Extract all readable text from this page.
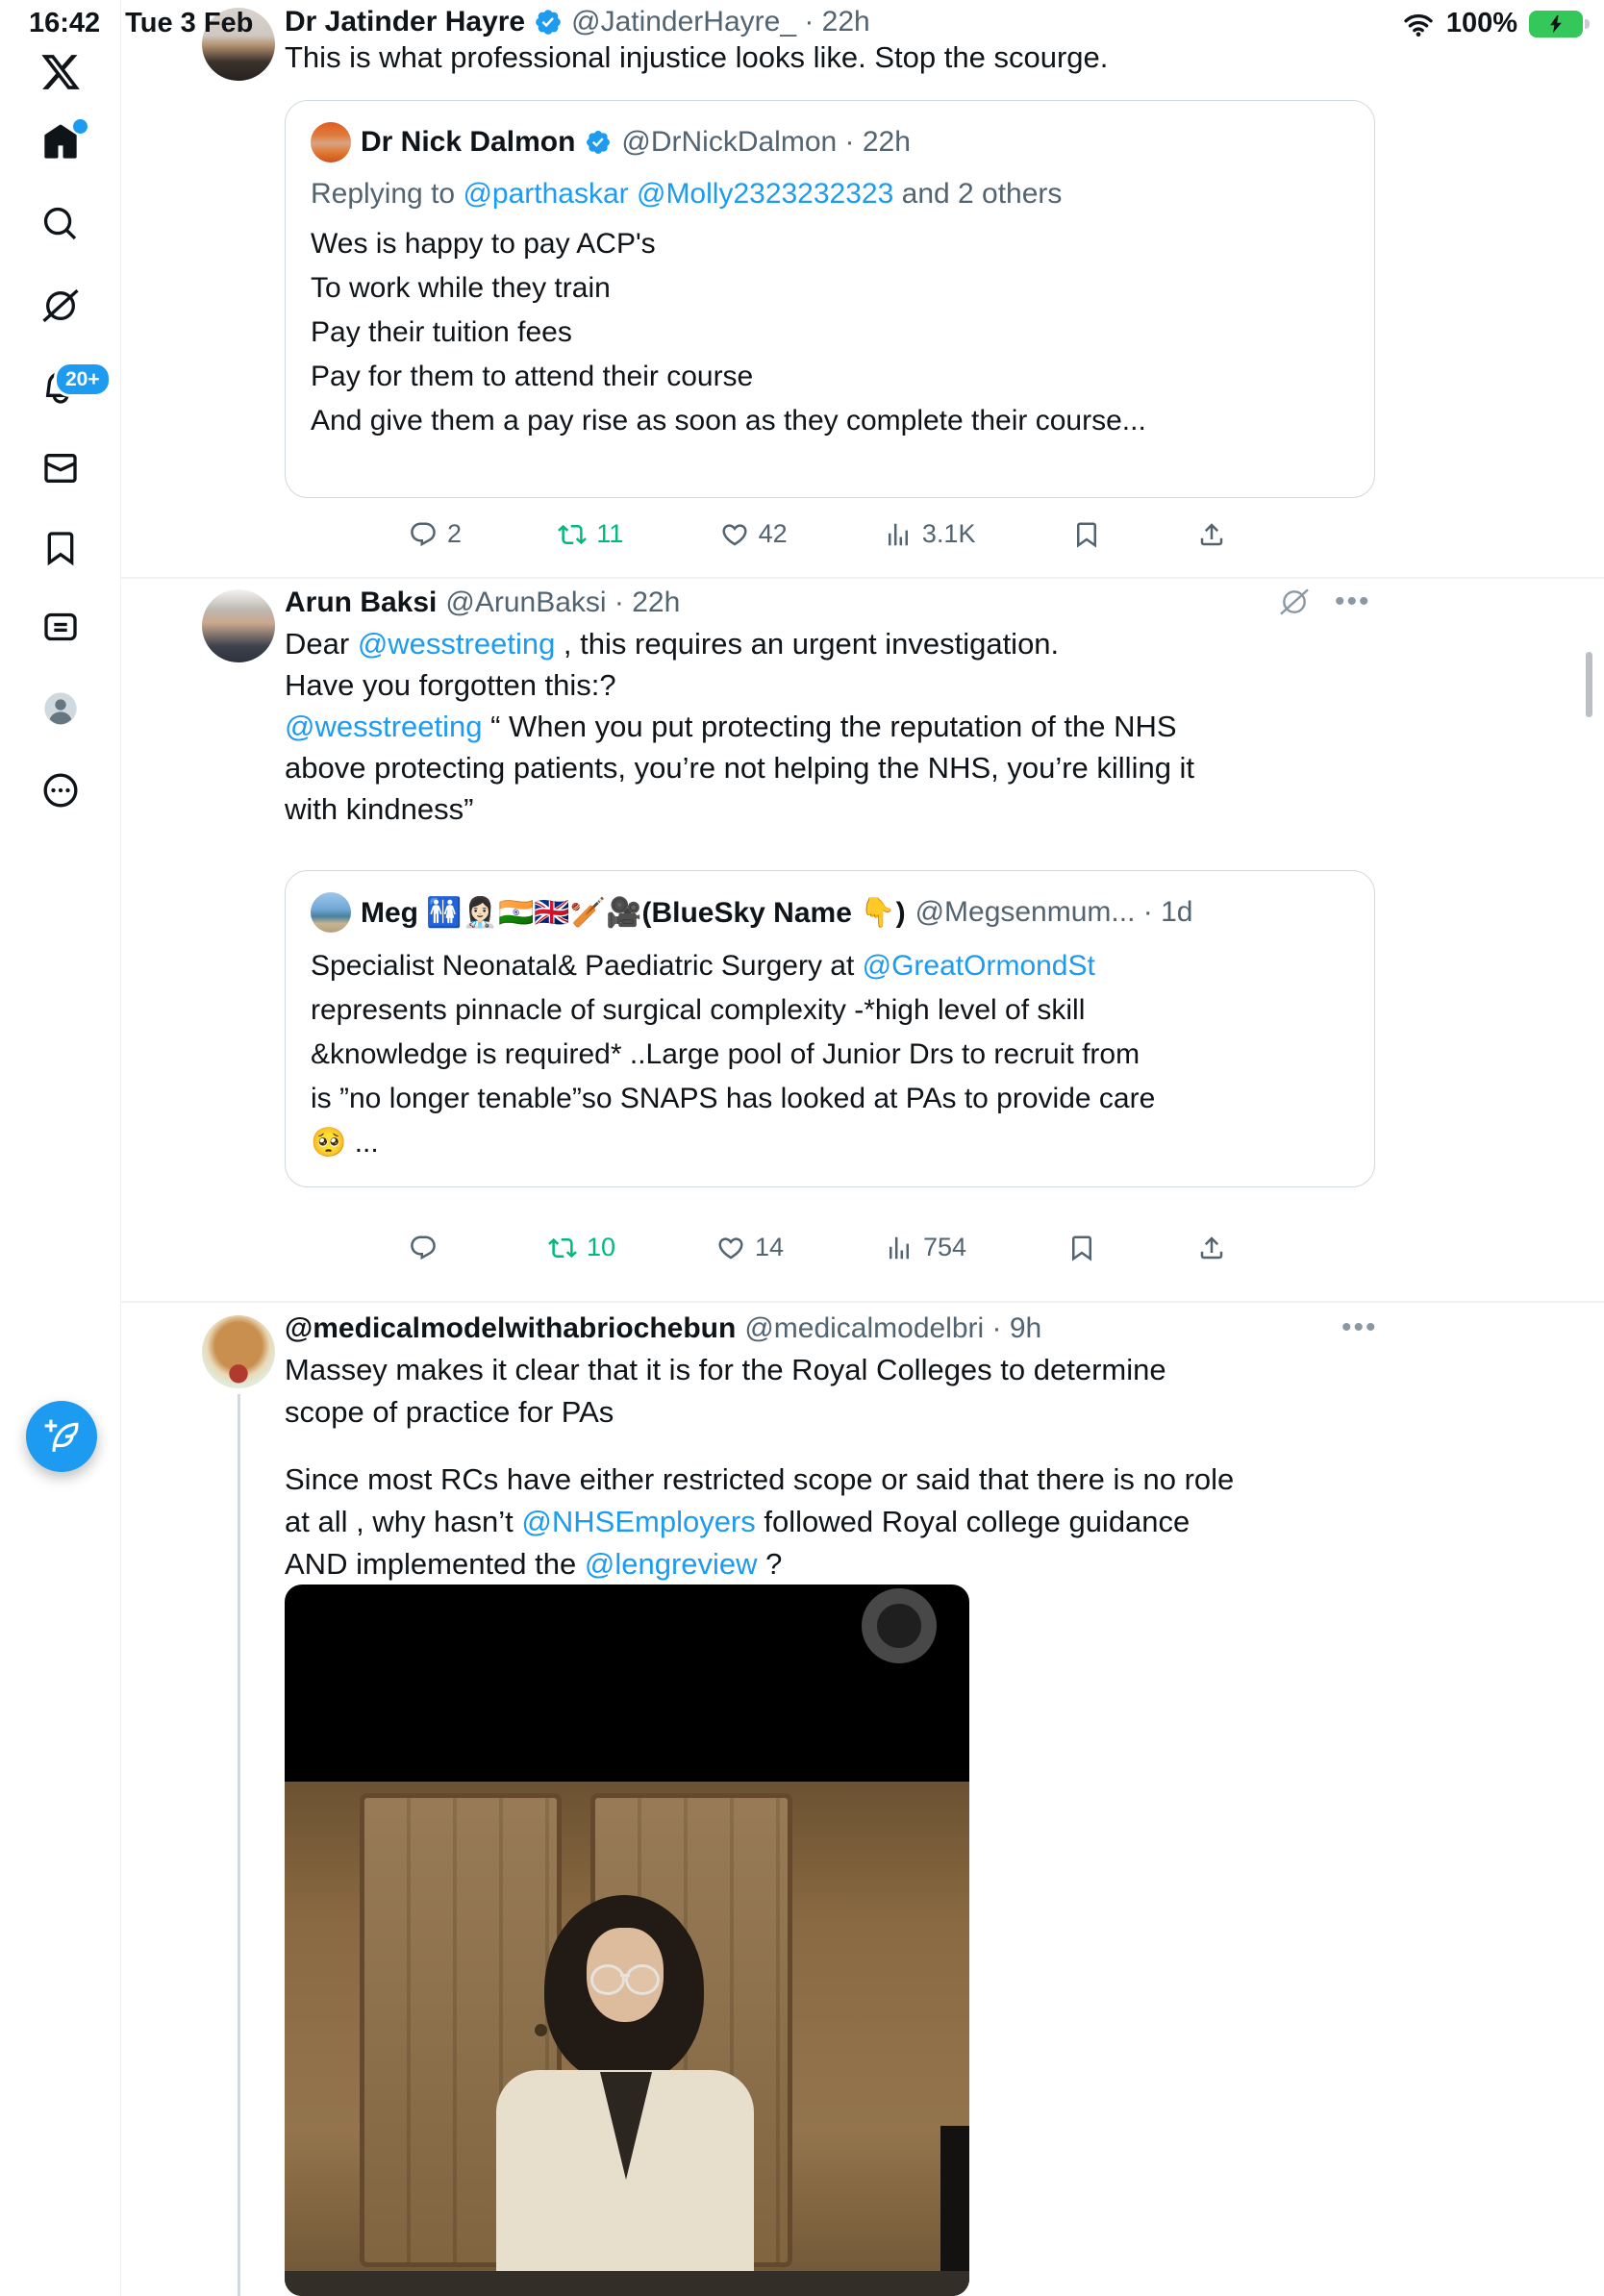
16:42 Tue 3 Feb	100%
20+
Dr Jatinder Hayre @JatinderHayre_ · 22h
This is what professional injustice looks like. Stop the scourge.
Dr Nick Dalmon @DrNickDalmon · 22h
Replying to @parthaskar @Molly2323232323 and 2 others
Wes is happy to pay ACP's
To work while they train
Pay their tuition fees
Pay for them to attend their course
And give them a pay rise as soon as they complete their course...
2	11	42	3.1K
Arun Baksi @ArunBaksi · 22h	•••
Dear @wesstreeting , this requires an urgent investigation.
Have you forgotten this:?
@wesstreeting “ When you put protecting the reputation of the NHS
above protecting patients, you’re not helping the NHS, you’re killing it
with kindness”
Meg 🚻👩🏻‍⚕️🇮🇳🇬🇧🏏🎥(BlueSky Name 👇) @Megsenmum... · 1d
Specialist Neonatal& Paediatric Surgery at @GreatOrmondSt
represents pinnacle of surgical complexity -*high level of skill
&knowledge is required* ..Large pool of Junior Drs to recruit from
is ”no longer tenable”so SNAPS has looked at PAs to provide care
🥺 ...
10	14	754
@medicalmodelwithabriochebun @medicalmodelbri · 9h	•••
Massey makes it clear that it is for the Royal Colleges to determine
scope of practice for PAs
Since most RCs have either restricted scope or said that there is no role
at all , why hasn’t @NHSEmployers followed Royal college guidance
AND implemented the @lengreview ?
